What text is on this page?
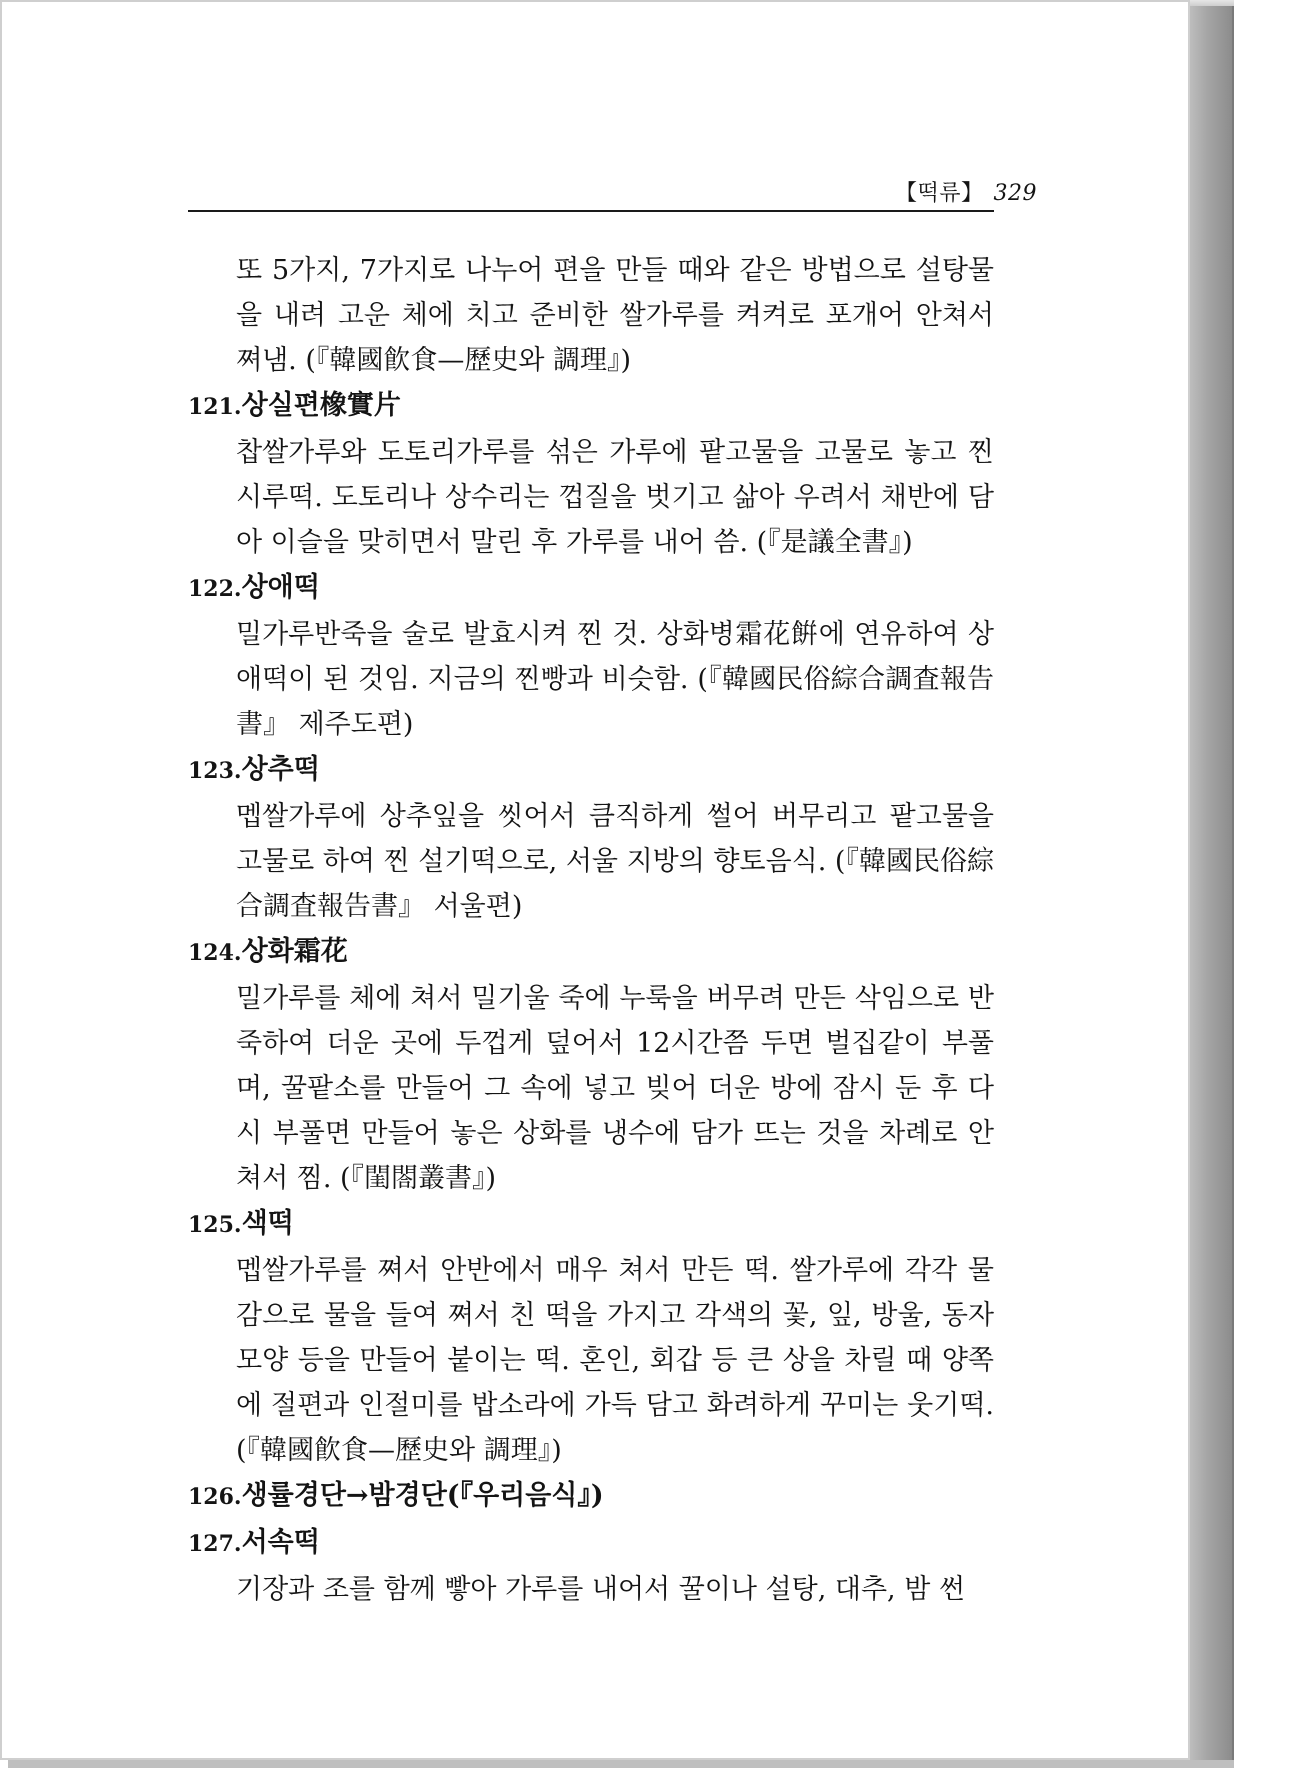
【떡류】 329

또 5가지, 7가지로 나누어 편을 만들 때와 같은 방법으로 설탕물을 내려 고운 체에 치고 준비한 쌀가루를 켜켜로 포개어 안쳐서 쪄냄. (『韓國飮食—歷史와 調理』)

121.상실편橡實片

찹쌀가루와 도토리가루를 섞은 가루에 팥고물을 고물로 놓고 찐 시루떡. 도토리나 상수리는 껍질을 벗기고 삶아 우려서 채반에 담아 이슬을 맞히면서 말린 후 가루를 내어 씀. (『是議全書』)

122.상애떡

밀가루반죽을 술로 발효시켜 찐 것. 상화병霜花餠에 연유하여 상애떡이 된 것임. 지금의 찐빵과 비슷함. (『韓國民俗綜合調査報告書』 제주도편)

123.상추떡

멥쌀가루에 상추잎을 씻어서 큼직하게 썰어 버무리고 팥고물을 고물로 하여 찐 설기떡으로, 서울 지방의 향토음식. (『韓國民俗綜合調査報告書』 서울편)

124.상화霜花

밀가루를 체에 쳐서 밀기울 죽에 누룩을 버무려 만든 삭임으로 반죽하여 더운 곳에 두껍게 덮어서 12시간쯤 두면 벌집같이 부풀며, 꿀팥소를 만들어 그 속에 넣고 빚어 더운 방에 잠시 둔 후 다시 부풀면 만들어 놓은 상화를 냉수에 담가 뜨는 것을 차례로 안쳐서 찜. (『閨閤叢書』)

125.색떡

멥쌀가루를 쪄서 안반에서 매우 쳐서 만든 떡. 쌀가루에 각각 물감으로 물을 들여 쪄서 친 떡을 가지고 각색의 꽃, 잎, 방울, 동자 모양 등을 만들어 붙이는 떡. 혼인, 회갑 등 큰 상을 차릴 때 양쪽에 절편과 인절미를 밥소라에 가득 담고 화려하게 꾸미는 웃기떡. (『韓國飮食—歷史와 調理』)

126.생률경단→밤경단(『우리음식』)

127.서속떡

기장과 조를 함께 빻아 가루를 내어서 꿀이나 설탕, 대추, 밤 썬
